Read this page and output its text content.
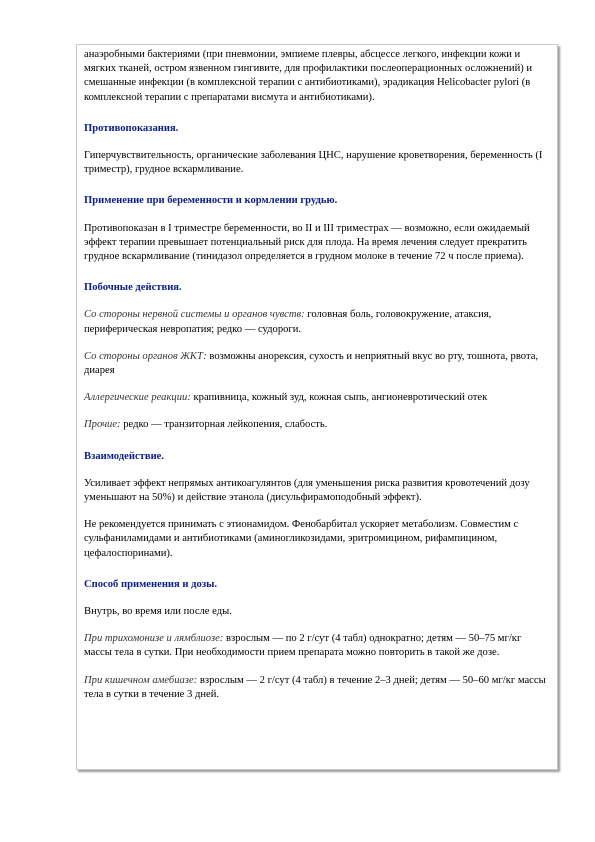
анаэробными бактериями (при пневмонии, эмпиеме плевры, абсцессе легкого, инфекции кожи и мягких тканей, остром язвенном гингивите, для профилактики послеоперационных осложнений) и смешанные инфекции (в комплексной терапии с антибиотиками), эрадикация Helicobacter pylori (в комплексной терапии с препаратами висмута и антибиотиками).

Противопоказания.

Гиперчувствительность, органические заболевания ЦНС, нарушение кроветворения, беременность (I триместр), грудное вскармливание.

Применение при беременности и кормлении грудью.

Противопоказан в I триместре беременности, во II и III триместрах — возможно, если ожидаемый эффект терапии превышает потенциальный риск для плода. На время лечения следует прекратить грудное вскармливание (тинидазол определяется в грудном молоке в течение 72 ч после приема).

Побочные действия.

Со стороны нервной системы и органов чувств: головная боль, головокружение, атаксия, периферическая невропатия; редко — судороги.

Со стороны органов ЖКТ: возможны анорексия, сухость и неприятный вкус во рту, тошнота, рвота, диарея

Аллергические реакции: крапивница, кожный зуд, кожная сыпь, ангионевротический отек

Прочие: редко — транзиторная лейкопения, слабость.

Взаимодействие.

Усиливает эффект непрямых антикоагулянтов (для уменьшения риска развития кровотечений дозу уменьшают на 50%) и действие этанола (дисульфирамоподобный эффект).

Не рекомендуется принимать с этионамидом. Фенобарбитал ускоряет метаболизм. Совместим с сульфаниламидами и антибиотиками (аминогликозидами, эритромицином, рифампицином, цефалоспоринами).

Способ применения и дозы.

Внутрь, во время или после еды.

При трихомонизе и лямблиозе: взрослым — по 2 г/сут (4 табл) однократно; детям — 50–75 мг/кг массы тела в сутки. При необходимости прием препарата можно повторить в такой же дозе.

При кишечном амебиазе: взрослым — 2 г/сут (4 табл) в течение 2–3 дней; детям — 50–60 мг/кг массы тела в сутки в течение 3 дней.
